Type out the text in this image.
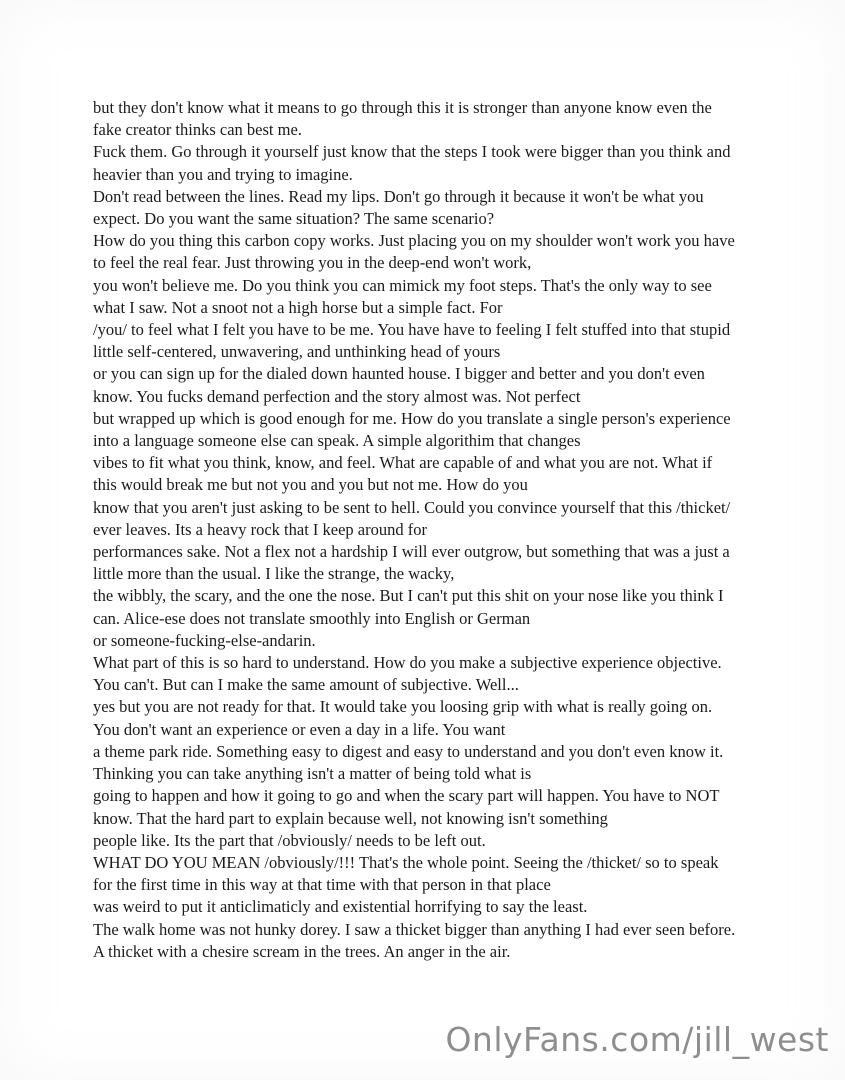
but they don't know what it means to go through this it is stronger than anyone know even the
fake creator thinks can best me.
Fuck them. Go through it yourself just know that the steps I took were bigger than you think and
heavier than you and trying to imagine.
Don't read between the lines. Read my lips. Don't go through it because it won't be what you
expect. Do you want the same situation? The same scenario?
How do you thing this carbon copy works. Just placing you on my shoulder won't work you have
to feel the real fear. Just throwing you in the deep-end won't work,
you won't believe me. Do you think you can mimick my foot steps. That's the only way to see
what I saw. Not a snoot not a high horse but a simple fact. For
/you/ to feel what I felt you have to be me. You have have to feeling I felt stuffed into that stupid
little self-centered, unwavering, and unthinking head of yours
or you can sign up for the dialed down haunted house. I bigger and better and you don't even
know. You fucks demand perfection and the story almost was. Not perfect
but wrapped up which is good enough for me. How do you translate a single person's experience
into a language someone else can speak. A simple algorithim that changes
vibes to fit what you think, know, and feel. What are capable of and what you are not. What if
this would break me but not you and you but not me. How do you
know that you aren't just asking to be sent to hell. Could you convince yourself that this /thicket/
ever leaves. Its a heavy rock that I keep around for
performances sake. Not a flex not a hardship I will ever outgrow, but something that was a just a
little more than the usual. I like the strange, the wacky,
the wibbly, the scary, and the one the nose. But I can't put this shit on your nose like you think I
can. Alice-ese does not translate smoothly into English or German
or someone-fucking-else-andarin.
What part of this is so hard to understand. How do you make a subjective experience objective.
You can't. But can I make the same amount of subjective. Well...
yes but you are not ready for that. It would take you loosing grip with what is really going on.
You don't want an experience or even a day in a life. You want
a theme park ride. Something easy to digest and easy to understand and you don't even know it.
Thinking you can take anything isn't a matter of being told what is
going to happen and how it going to go and when the scary part will happen. You have to NOT
know. That the hard part to explain because well, not knowing isn't something
people like. Its the part that /obviously/ needs to be left out.
WHAT DO YOU MEAN /obviously/!!! That's the whole point. Seeing the /thicket/ so to speak
for the first time in this way at that time with that person in that place
was weird to put it anticlimaticly and existential horrifying to say the least.
The walk home was not hunky dorey. I saw a thicket bigger than anything I had ever seen before.
A thicket with a chesire scream in the trees. An anger in the air.
OnlyFans.com/jill_west
